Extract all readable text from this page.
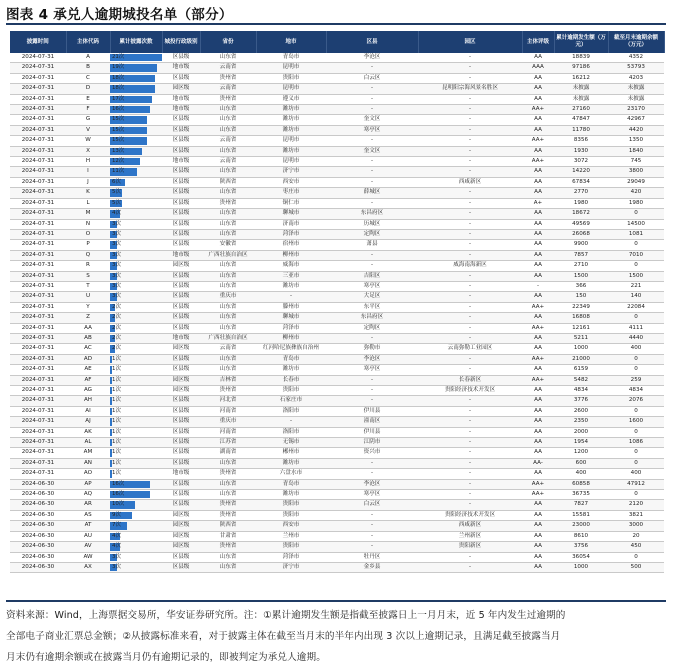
图表 4 承兑人逾期城投名单（部分）
披露时间	主体代码	累计披露次数	城投行政级别	省份	地市	区县	园区	主体评级	累计逾期发生额（万元）	截至月末逾期余额（万元）
2024-07-31	A	21次	区县级	山东省	青岛市	李沧区	-	AA	18839	4352
2024-07-31	B	19次	地市级	云南省	昆明市	-	-	AAA	97186	53793
2024-07-31	C	18次	区县级	贵州省	贵阳市	白云区	-	AA	16212	4203
2024-07-31	D	18次	园区级	云南省	昆明市	-	昆明阳宗海风景名胜区	AA	未披露	未披露
2024-07-31	E	17次	地市级	贵州省	遵义市	-	-	AA	未披露	未披露
2024-07-31	F	16次	地市级	山东省	潍坊市	-	-	AA+	27160	23170
2024-07-31	G	15次	区县级	山东省	潍坊市	奎文区	-	AA	47847	42967
2024-07-31	V	15次	区县级	山东省	潍坊市	寒亭区	-	AA	11780	4420
2024-07-31	W	15次	区县级	云南省	昆明市	-	-	AA+	8356	1350
2024-07-31	X	13次	区县级	山东省	潍坊市	奎文区	-	AA	1930	1840
2024-07-31	H	12次	地市级	云南省	昆明市	-	-	AA+	3072	745
2024-07-31	I	11次	区县级	山东省	济宁市	-	-	AA	14220	3800
2024-07-31	J	6次	区县级	陕西省	西安市	-	西咸新区	AA	67834	29049
2024-07-31	K	5次	区县级	山东省	枣庄市	薛城区	-	AA	2770	420
2024-07-31	L	5次	区县级	贵州省	铜仁市	-	-	A+	1980	1980
2024-07-31	M	4次	区县级	山东省	聊城市	东昌府区	-	AA	18672	0
2024-07-31	N	3次	区县级	山东省	济南市	历城区	-	AA	49569	14500
2024-07-31	O	3次	区县级	山东省	菏泽市	定陶区	-	AA	26068	1081
2024-07-31	P	3次	区县级	安徽省	宿州市	萧县	-	AA	9900	0
2024-07-31	Q	3次	地市级	广西壮族自治区	柳州市	-	-	AA	7857	7010
2024-07-31	R	3次	园区级	山东省	威海市	-	威海南海新区	AA	2710	0
2024-07-31	S	3次	区县级	山东省	三亚市	吉阳区	-	AA	1500	1500
2024-07-31	T	3次	区县级	山东省	潍坊市	寒亭区	-	-	366	221
2024-07-31	U	3次	区县级	重庆市	-	大足区	-	AA	150	140
2024-07-31	Y	2次	区县级	山东省	滕州市	东平区	-	AA+	22349	22084
2024-07-31	Z	2次	区县级	山东省	聊城市	东昌府区	-	AA	16808	0
2024-07-31	AA	2次	区县级	山东省	菏泽市	定陶区	-	AA+	12161	4111
2024-07-31	AB	2次	地市级	广西壮族自治区	柳州市	-	-	AA	5211	4440
2024-07-31	AC	2次	园区级	云南省	红河哈尼族彝族自治州	弥勒市	云南弥勒工业园区	AA	1000	400
2024-07-31	AD	1次	区县级	山东省	青岛市	李沧区	-	AA+	21000	0
2024-07-31	AE	1次	区县级	山东省	潍坊市	寒亭区	-	AA	6159	0
2024-07-31	AF	1次	园区级	吉林省	长春市	-	长春新区	AA+	5482	259
2024-07-31	AG	1次	园区级	贵州省	贵阳市	-	贵阳经济技术开发区	AA	4834	4834
2024-07-31	AH	1次	区县级	河北省	石家庄市	-	-	AA	3776	2076
2024-07-31	AI	1次	区县级	河南省	洛阳市	伊川县	-	AA	2600	0
2024-07-31	AJ	1次	区县级	重庆市	-	潼南区	-	AA	2350	1600
2024-07-31	AK	1次	区县级	河南省	洛阳市	伊川县	-	AA	2000	0
2024-07-31	AL	1次	区县级	江苏省	无锡市	江阴市	-	AA	1954	1086
2024-07-31	AM	1次	区县级	湖南省	郴州市	资兴市	-	AA	1200	0
2024-07-31	AN	1次	区县级	山东省	潍坊市	-	-	AA-	600	0
2024-07-31	AO	1次	地市级	贵州省	六盘水市	-	-	AA	400	400
2024-06-30	AP	16次	区县级	山东省	青岛市	李沧区	-	AA+	60858	47912
2024-06-30	AQ	16次	区县级	山东省	潍坊市	寒亭区	-	AA+	36735	0
2024-06-30	AR	10次	区县级	贵州省	贵阳市	白云区	-	AA	7827	2120
2024-06-30	AS	9次	园区级	贵州省	贵阳市	-	贵阳经济技术开发区	AA	15581	3821
2024-06-30	AT	7次	园区级	陕西省	西安市	-	西咸新区	AA	23000	3000
2024-06-30	AU	4次	园区级	甘肃省	兰州市	-	兰州新区	AA	8610	20
2024-06-30	AV	4次	园区级	贵州省	贵阳市	-	贵阳新区	AA	3756	450
2024-06-30	AW	3次	区县级	山东省	菏泽市	牡丹区	-	AA	36054	0
2024-06-30	AX	3次	区县级	山东省	济宁市	金乡县	-	AA	1000	500
资料来源：Wind，上海票据交易所，华安证券研究所。注：①累计逾期发生额是指截至披露日上一月月末，近 5 年内发生过逾期的
全部电子商业汇票总金额；②从披露标准来看，对于披露主体在截至当月末的半年内出现 3 次以上逾期记录，且满足截至披露当月
月末仍有逾期余额或在披露当月仍有逾期记录的，即被判定为承兑人逾期。
